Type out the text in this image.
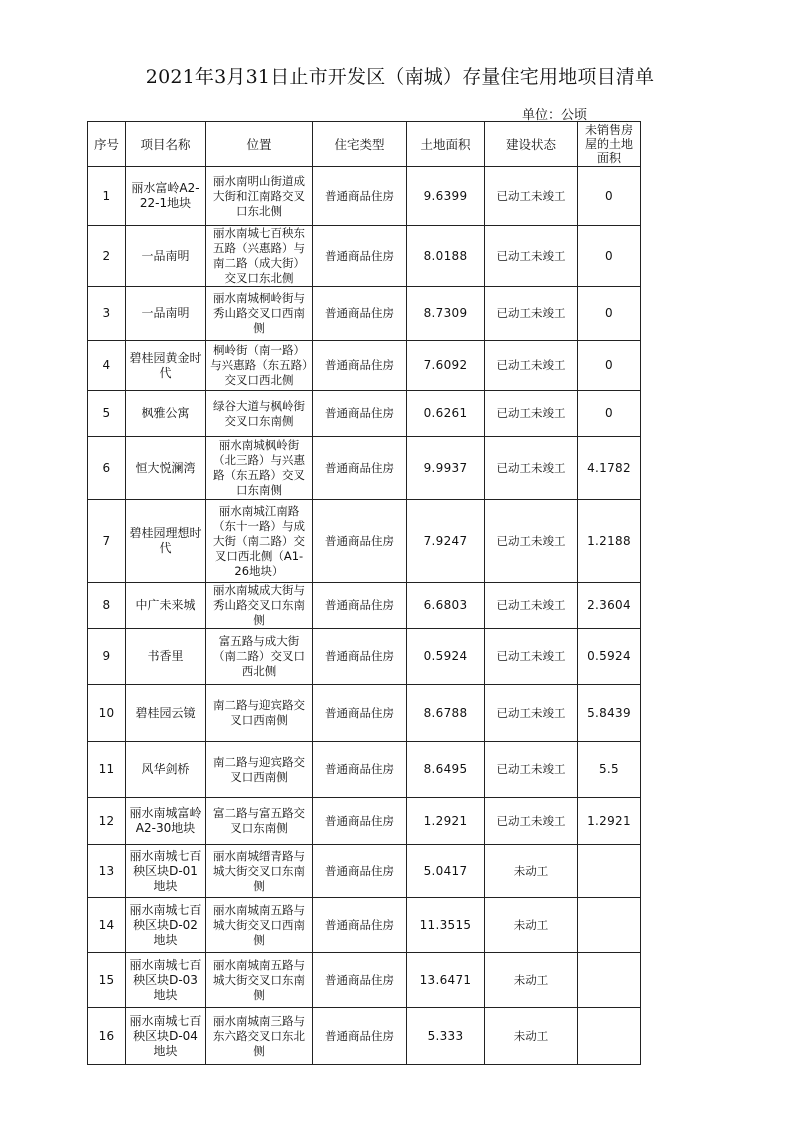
2021年3月31日止市开发区（南城）存量住宅用地项目清单
单位：公顷
序号	项目名称	位置	住宅类型	土地面积	建设状态	未销售房屋的土地面积
1	丽水富岭A2-22-1地块	丽水南明山街道成大街和江南路交叉口东北侧	普通商品住房	9.6399	已动工未竣工	0
2	一品南明	丽水南城七百秧东五路（兴惠路）与南二路（成大街）交叉口东北侧	普通商品住房	8.0188	已动工未竣工	0
3	一品南明	丽水南城桐岭街与秀山路交叉口西南侧	普通商品住房	8.7309	已动工未竣工	0
4	碧桂园黄金时代	桐岭街（南一路）与兴惠路（东五路）交叉口西北侧	普通商品住房	7.6092	已动工未竣工	0
5	枫雅公寓	绿谷大道与枫岭街交叉口东南侧	普通商品住房	0.6261	已动工未竣工	0
6	恒大悦澜湾	丽水南城枫岭街（北三路）与兴惠路（东五路）交叉口东南侧	普通商品住房	9.9937	已动工未竣工	4.1782
7	碧桂园理想时代	丽水南城江南路（东十一路）与成大街（南二路）交叉口西北侧（A1-26地块）	普通商品住房	7.9247	已动工未竣工	1.2188
8	中广未来城	丽水南城成大街与秀山路交叉口东南侧	普通商品住房	6.6803	已动工未竣工	2.3604
9	书香里	富五路与成大街（南二路）交叉口西北侧	普通商品住房	0.5924	已动工未竣工	0.5924
10	碧桂园云镜	南二路与迎宾路交叉口西南侧	普通商品住房	8.6788	已动工未竣工	5.8439
11	风华剑桥	南二路与迎宾路交叉口西南侧	普通商品住房	8.6495	已动工未竣工	5.5
12	丽水南城富岭A2-30地块	富二路与富五路交叉口东南侧	普通商品住房	1.2921	已动工未竣工	1.2921
13	丽水南城七百秧区块D-01地块	丽水南城缙青路与城大街交叉口东南侧	普通商品住房	5.0417	未动工	
14	丽水南城七百秧区块D-02地块	丽水南城南五路与城大街交叉口西南侧	普通商品住房	11.3515	未动工	
15	丽水南城七百秧区块D-03地块	丽水南城南五路与城大街交叉口东南侧	普通商品住房	13.6471	未动工	
16	丽水南城七百秧区块D-04地块	丽水南城南三路与东六路交叉口东北侧	普通商品住房	5.333	未动工	
